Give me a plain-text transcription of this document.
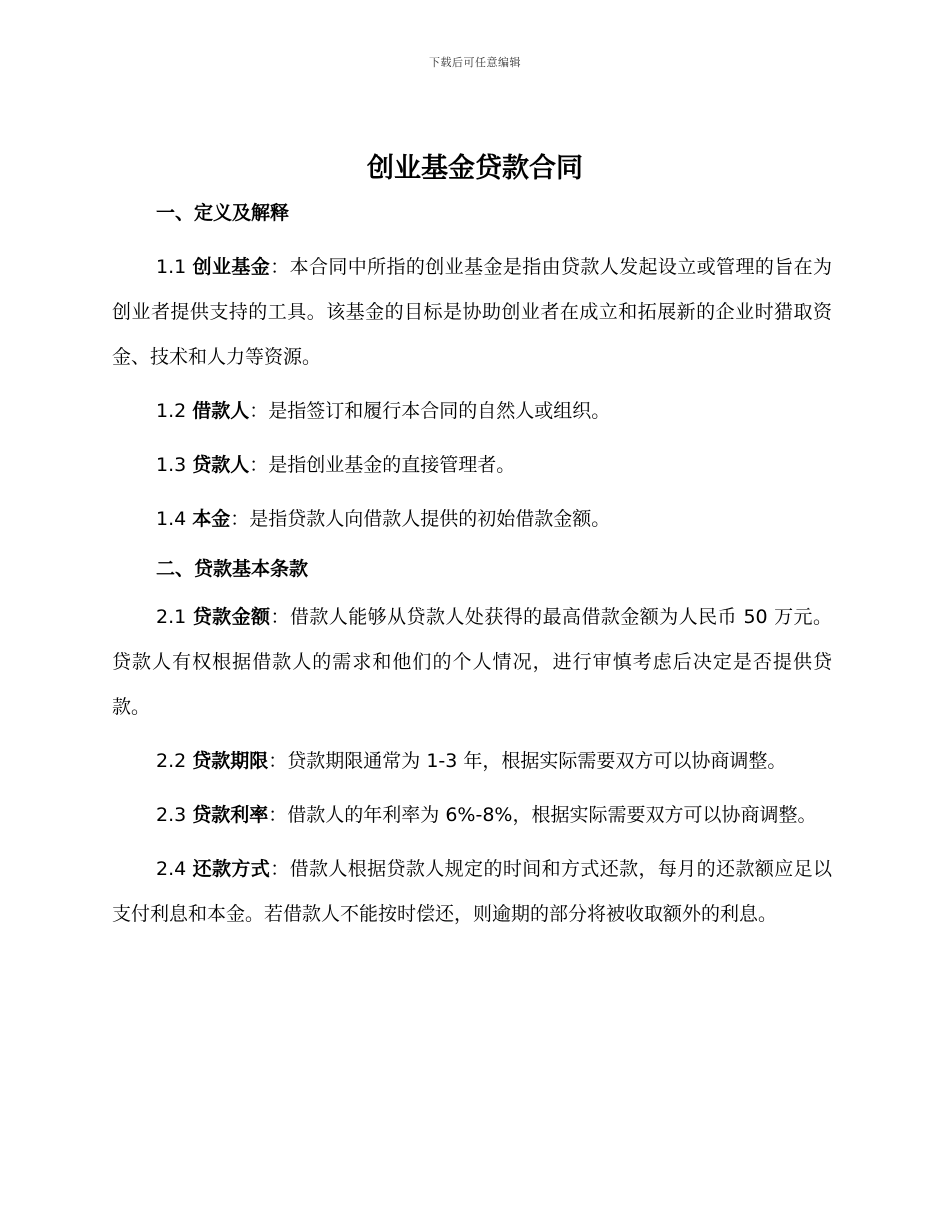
下载后可任意编辑
创业基金贷款合同
一、定义及解释

1.1 创业基金：本合同中所指的创业基金是指由贷款人发起设立或管理的旨在为创业者提供支持的工具。该基金的目标是协助创业者在成立和拓展新的企业时猎取资金、技术和人力等资源。

1.2 借款人：是指签订和履行本合同的自然人或组织。

1.3 贷款人：是指创业基金的直接管理者。

1.4 本金：是指贷款人向借款人提供的初始借款金额。

二、贷款基本条款

2.1 贷款金额：借款人能够从贷款人处获得的最高借款金额为人民币 50 万元。贷款人有权根据借款人的需求和他们的个人情况，进行审慎考虑后决定是否提供贷款。

2.2 贷款期限：贷款期限通常为 1-3 年，根据实际需要双方可以协商调整。

2.3 贷款利率：借款人的年利率为 6%-8%，根据实际需要双方可以协商调整。

2.4 还款方式：借款人根据贷款人规定的时间和方式还款，每月的还款额应足以支付利息和本金。若借款人不能按时偿还，则逾期的部分将被收取额外的利息。
